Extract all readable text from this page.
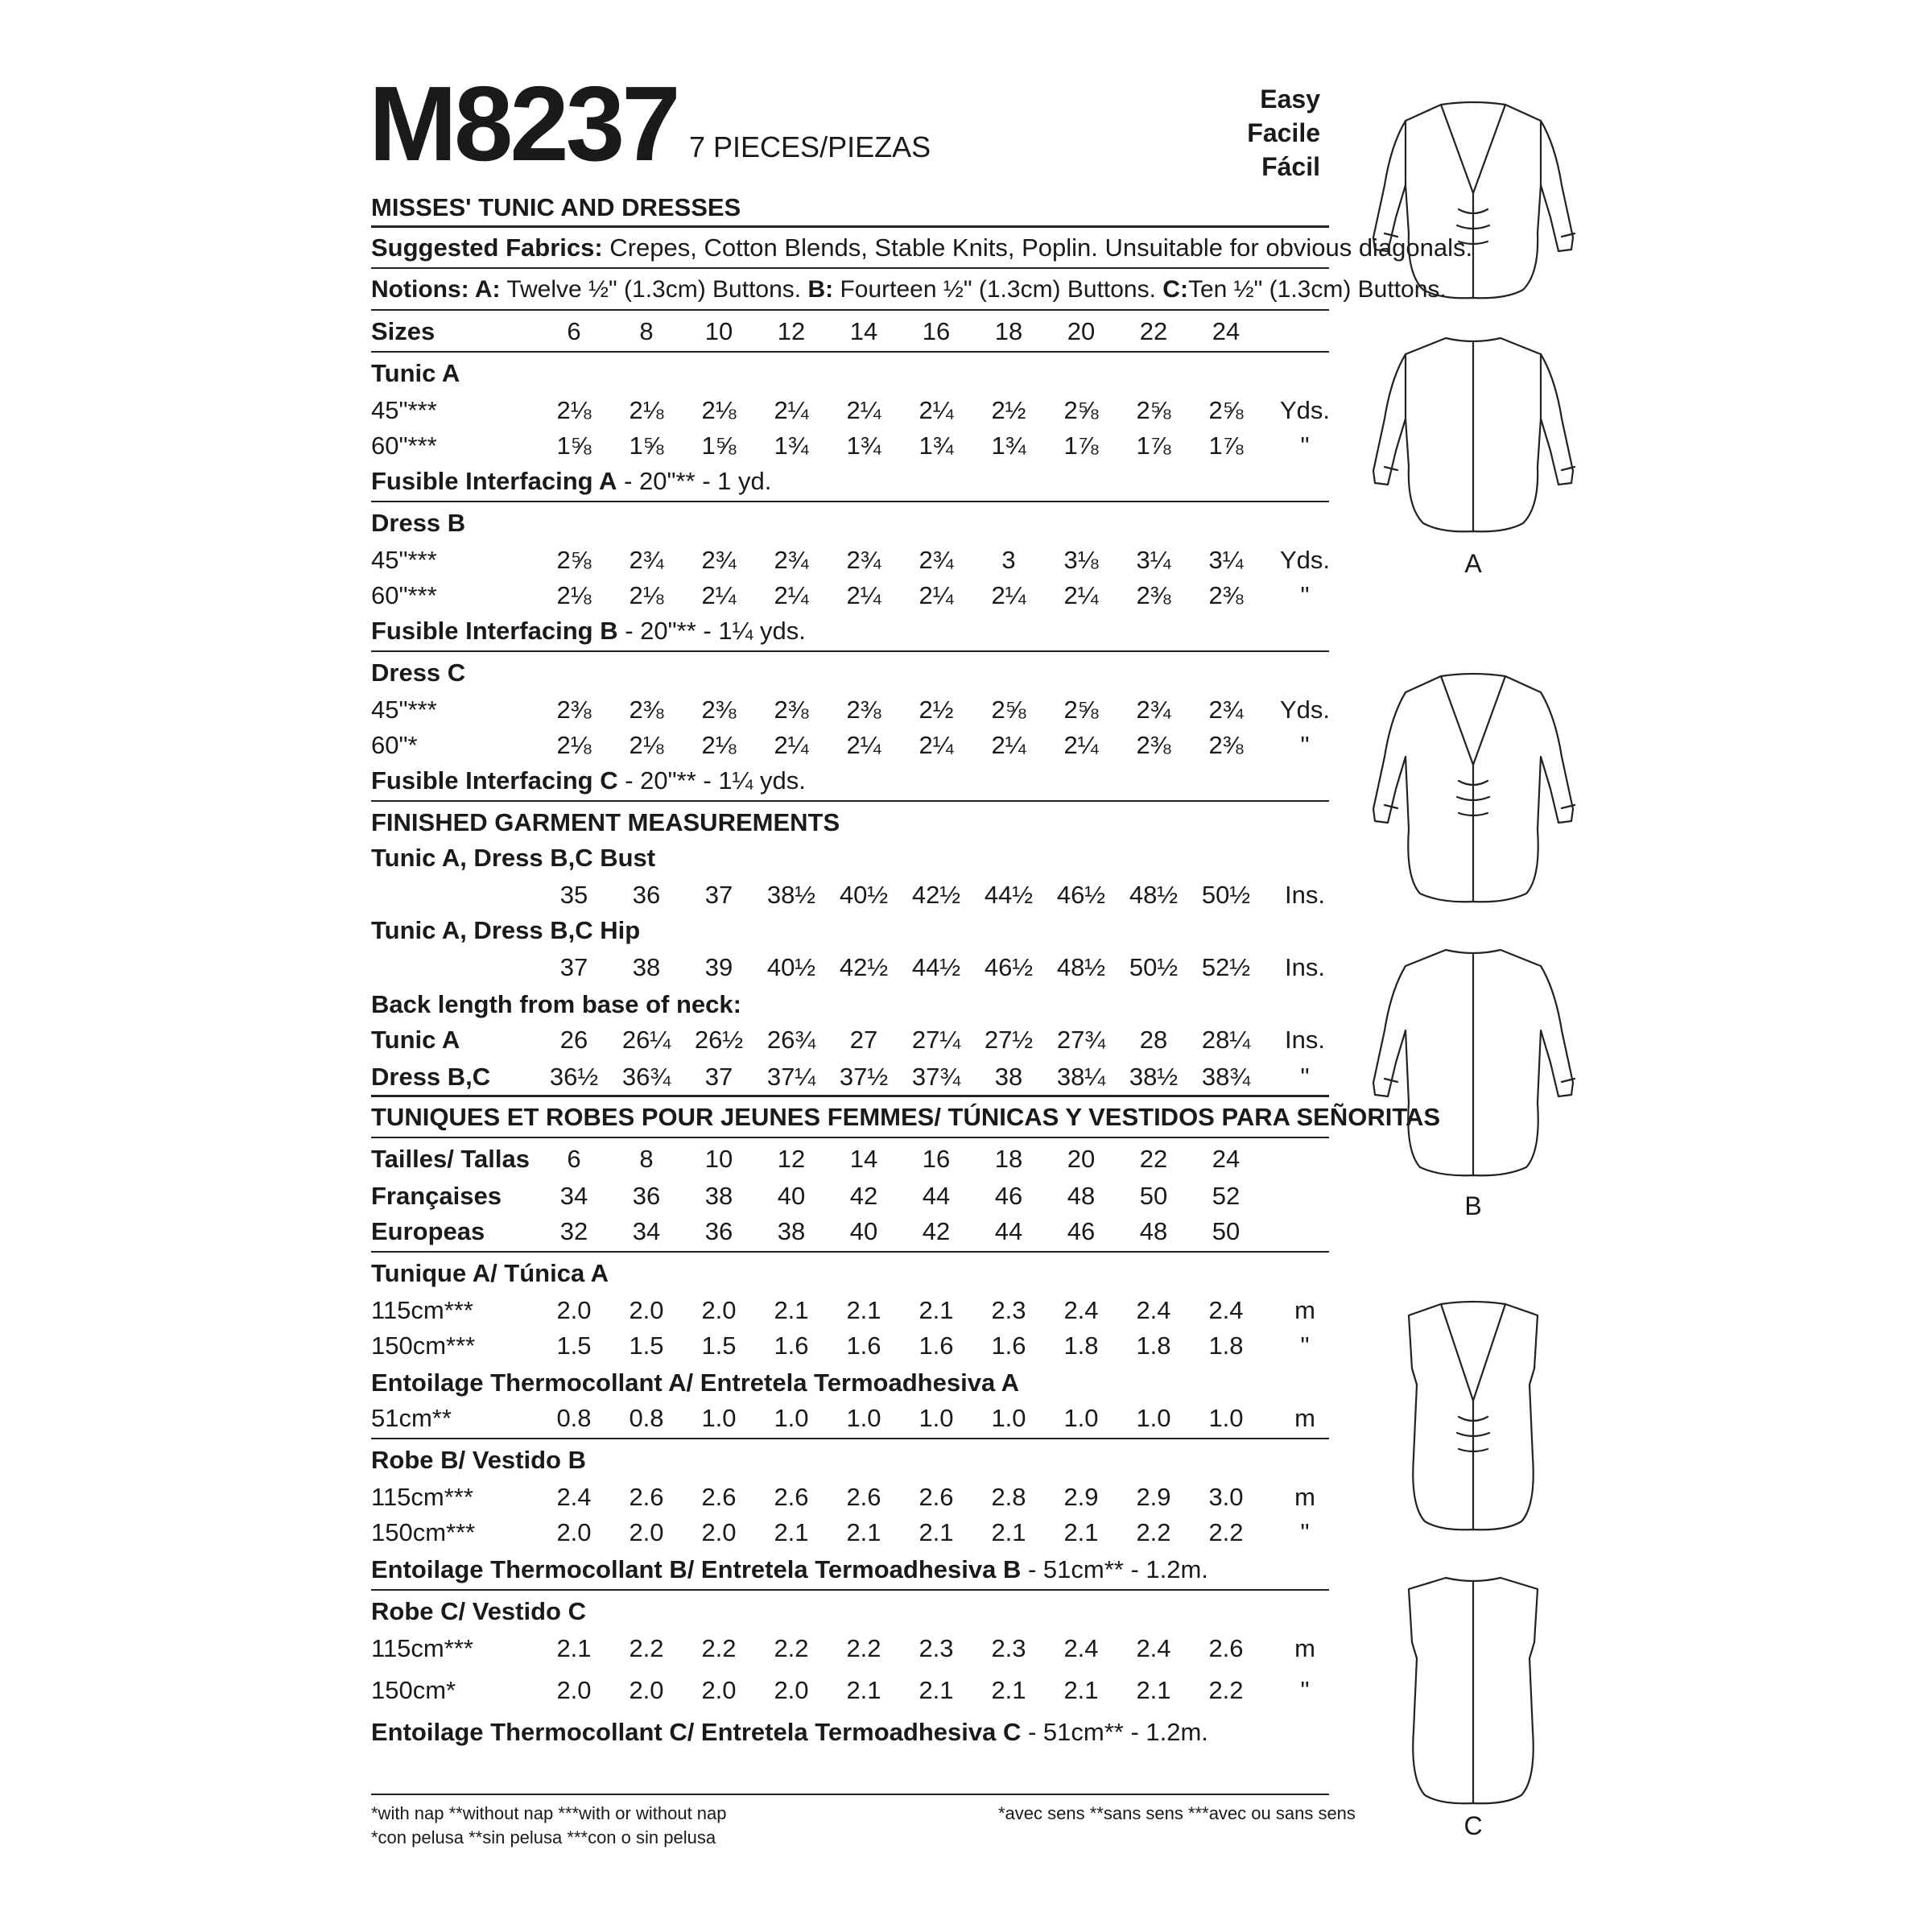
M8237 7 PIECES/PIEZAS
Easy
Facile
Fácil
MISSES' TUNIC AND DRESSES
Suggested Fabrics: Crepes, Cotton Blends, Stable Knits, Poplin. Unsuitable for obvious diagonals.
Notions: A: Twelve ½" (1.3cm) Buttons. B: Fourteen ½" (1.3cm) Buttons. C:Ten ½" (1.3cm) Buttons.
Sizes	6	8	10	12	14	16	18	20	22	24
Tunic A
45"***	2⅛	2⅛	2⅛	2¼	2¼	2¼	2½	2⅝	2⅝	2⅝	Yds.
60"***	1⅝	1⅝	1⅝	1¾	1¾	1¾	1¾	1⅞	1⅞	1⅞	"
Fusible Interfacing A - 20"** - 1 yd.
Dress B
45"***	2⅝	2¾	2¾	2¾	2¾	2¾	3	3⅛	3¼	3¼	Yds.
60"***	2⅛	2⅛	2¼	2¼	2¼	2¼	2¼	2¼	2⅜	2⅜	"
Fusible Interfacing B - 20"** - 1¼ yds.
Dress C
45"***	2⅜	2⅜	2⅜	2⅜	2⅜	2½	2⅝	2⅝	2¾	2¾	Yds.
60"*	2⅛	2⅛	2⅛	2¼	2¼	2¼	2¼	2¼	2⅜	2⅜	"
Fusible Interfacing C - 20"** - 1¼ yds.
FINISHED GARMENT MEASUREMENTS
Tunic A, Dress B,C Bust
35	36	37	38½ 40½ 42½ 44½ 46½ 48½ 50½	Ins.
Tunic A, Dress B,C Hip
37	38	39	40½ 42½ 44½ 46½ 48½ 50½ 52½	Ins.
Back length from base of neck:
Tunic A	26	26¼ 26½ 26¾	27	27¼ 27½ 27¾	28	28¼	Ins.
Dress B,C	36½ 36¾	37	37¼ 37½ 37¾	38	38¼ 38½ 38¾	"
TUNIQUES ET ROBES POUR JEUNES FEMMES/ TÚNICAS Y VESTIDOS PARA SEÑORITAS
Tailles/ Tallas	6	8	10	12	14	16	18	20	22	24
Françaises	34	36	38	40	42	44	46	48	50	52
Europeas	32	34	36	38	40	42	44	46	48	50
Tunique A/ Túnica A
115cm***	2.0	2.0	2.0	2.1	2.1	2.1	2.3	2.4	2.4	2.4	m
150cm***	1.5	1.5	1.5	1.6	1.6	1.6	1.6	1.8	1.8	1.8	"
Entoilage Thermocollant A/ Entretela Termoadhesiva A
51cm**	0.8	0.8	1.0	1.0	1.0	1.0	1.0	1.0	1.0	1.0	m
Robe B/ Vestido B
115cm***	2.4	2.6	2.6	2.6	2.6	2.6	2.8	2.9	2.9	3.0	m
150cm***	2.0	2.0	2.0	2.1	2.1	2.1	2.1	2.1	2.2	2.2	"
Entoilage Thermocollant B/ Entretela Termoadhesiva B - 51cm** - 1.2m.
Robe C/ Vestido C
115cm***	2.1	2.2	2.2	2.2	2.2	2.3	2.3	2.4	2.4	2.6	m
150cm*	2.0	2.0	2.0	2.0	2.1	2.1	2.1	2.1	2.1	2.2	"
Entoilage Thermocollant C/ Entretela Termoadhesiva C - 51cm** - 1.2m.
*with nap **without nap ***with or without nap
*con pelusa **sin pelusa ***con o sin pelusa
*avec sens **sans sens ***avec ou sans sens
A
B
C
